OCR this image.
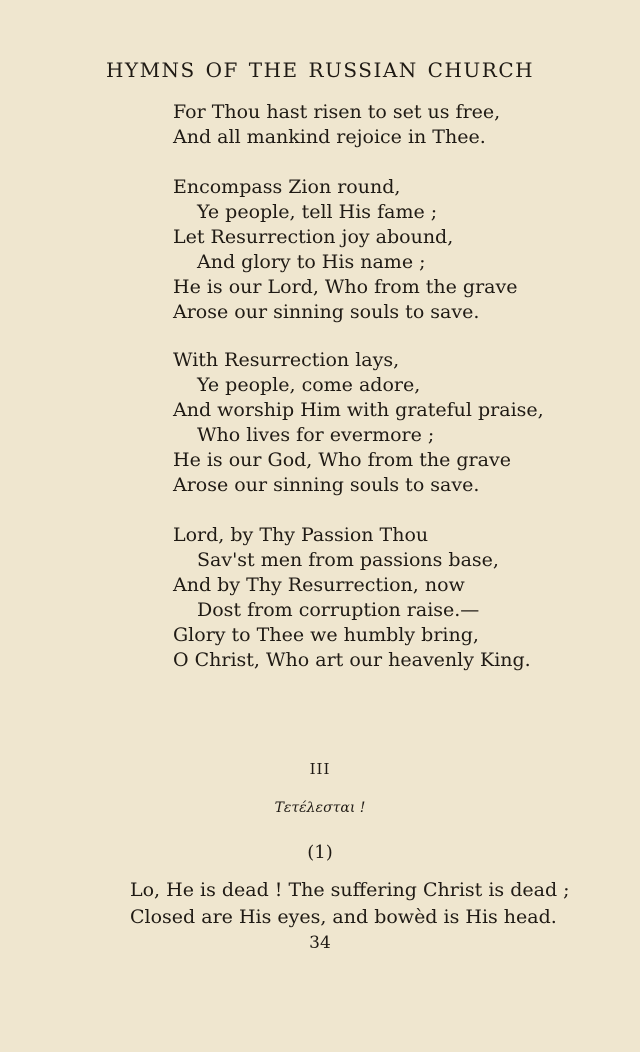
HYMNS OF THE RUSSIAN CHURCH
For Thou hast risen to set us free,
And all mankind rejoice in Thee.
Encompass Zion round,
Ye people, tell His fame ;
Let Resurrection joy abound,
And glory to His name ;
He is our Lord, Who from the grave
Arose our sinning souls to save.
With Resurrection lays,
Ye people, come adore,
And worship Him with grateful praise,
Who lives for evermore ;
He is our God, Who from the grave
Arose our sinning souls to save.
Lord, by Thy Passion Thou
Sav'st men from passions base,
And by Thy Resurrection, now
Dost from corruption raise.—
Glory to Thee we humbly bring,
O Christ, Who art our heavenly King.
III
Τετέλεσται !
(1)
Lo, He is dead ! The suffering Christ is dead ;
Closed are His eyes, and bowèd is His head.
34
